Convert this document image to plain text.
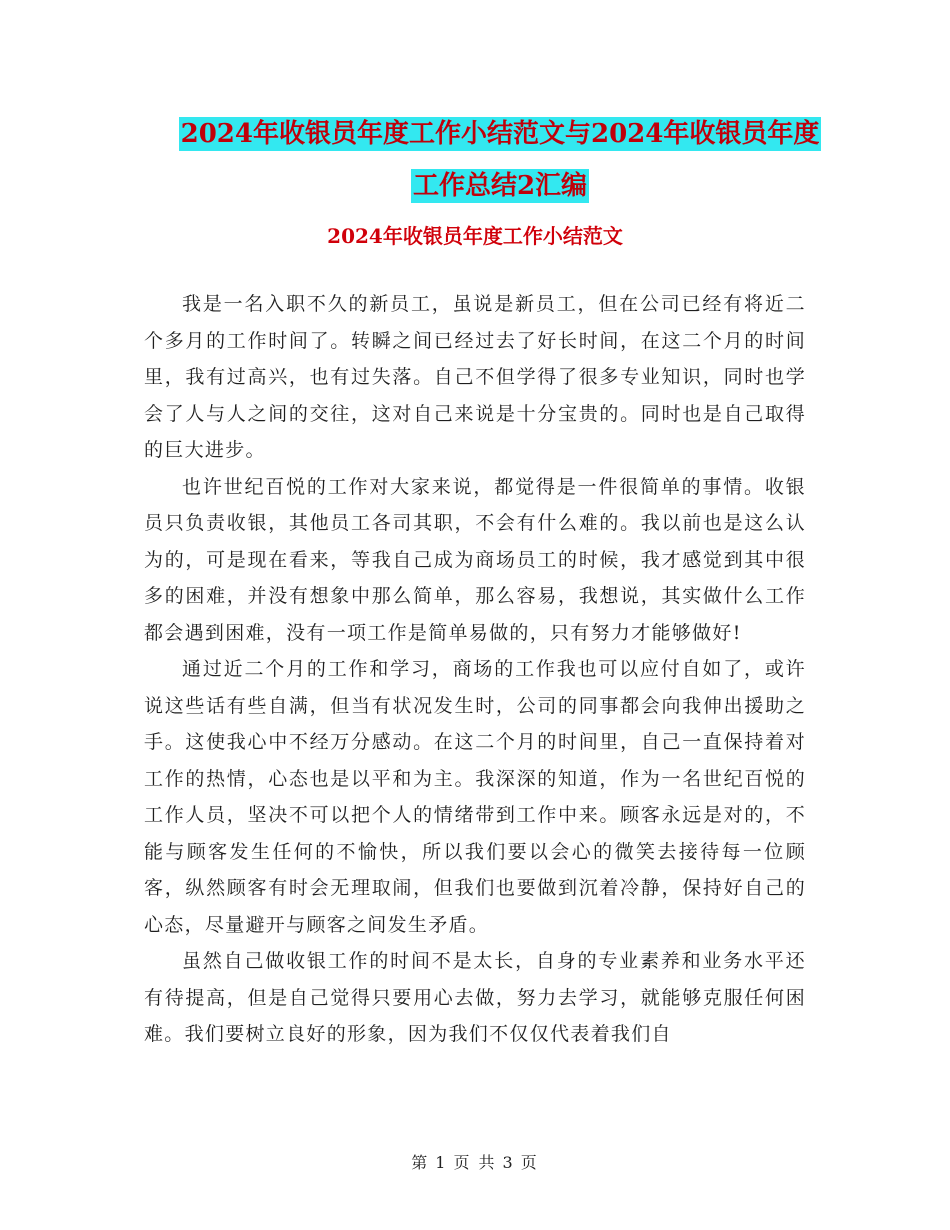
2024年收银员年度工作小结范文与2024年收银员年度
工作总结2汇编
2024年收银员年度工作小结范文

我是一名入职不久的新员工，虽说是新员工，但在公司已经有将近二个多月的工作时间了。转瞬之间已经过去了好长时间，在这二个月的时间里，我有过高兴，也有过失落。自己不但学得了很多专业知识，同时也学会了人与人之间的交往，这对自己来说是十分宝贵的。同时也是自己取得的巨大进步。

也许世纪百悦的工作对大家来说，都觉得是一件很简单的事情。收银员只负责收银，其他员工各司其职，不会有什么难的。我以前也是这么认为的，可是现在看来，等我自己成为商场员工的时候，我才感觉到其中很多的困难，并没有想象中那么简单，那么容易，我想说，其实做什么工作都会遇到困难，没有一项工作是简单易做的，只有努力才能够做好!

通过近二个月的工作和学习，商场的工作我也可以应付自如了，或许说这些话有些自满，但当有状况发生时，公司的同事都会向我伸出援助之手。这使我心中不经万分感动。在这二个月的时间里，自己一直保持着对工作的热情，心态也是以平和为主。我深深的知道，作为一名世纪百悦的工作人员，坚决不可以把个人的情绪带到工作中来。顾客永远是对的，不能与顾客发生任何的不愉快，所以我们要以会心的微笑去接待每一位顾客，纵然顾客有时会无理取闹，但我们也要做到沉着冷静，保持好自己的心态，尽量避开与顾客之间发生矛盾。

虽然自己做收银工作的时间不是太长，自身的专业素养和业务水平还有待提高，但是自己觉得只要用心去做，努力去学习，就能够克服任何困难。我们要树立良好的形象，因为我们不仅仅代表着我们自

第 1 页 共 3 页
